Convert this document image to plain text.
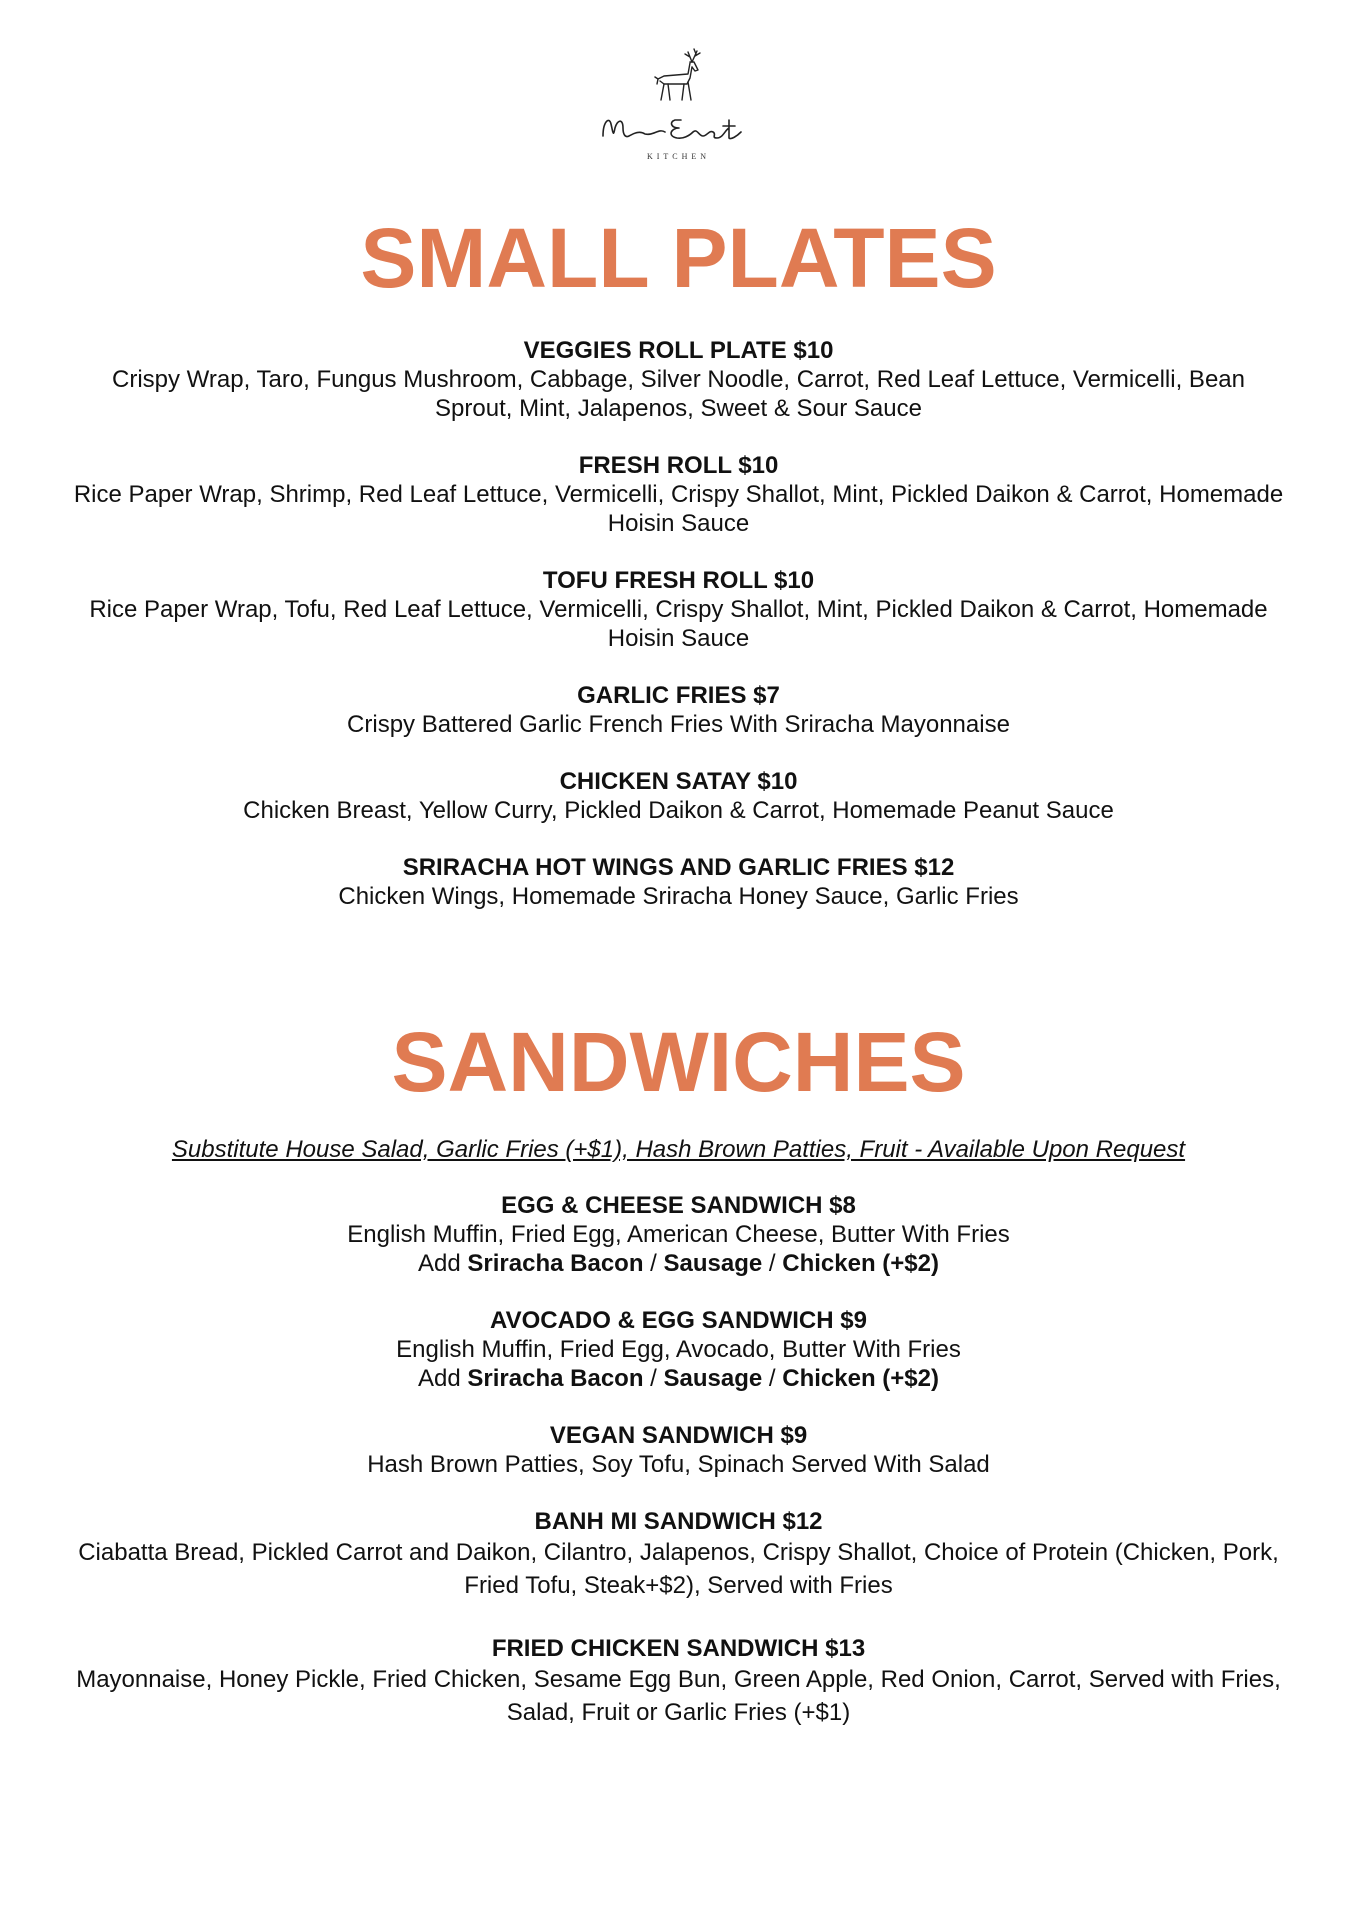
KITCHEN
SMALL PLATES
VEGGIES ROLL PLATE $10
Crispy Wrap, Taro, Fungus Mushroom, Cabbage, Silver Noodle, Carrot, Red Leaf Lettuce, Vermicelli, Bean Sprout, Mint, Jalapenos, Sweet & Sour Sauce
FRESH ROLL $10
Rice Paper Wrap, Shrimp, Red Leaf Lettuce, Vermicelli, Crispy Shallot, Mint, Pickled Daikon & Carrot, Homemade Hoisin Sauce
TOFU FRESH ROLL $10
Rice Paper Wrap, Tofu, Red Leaf Lettuce, Vermicelli, Crispy Shallot, Mint, Pickled Daikon & Carrot, Homemade Hoisin Sauce
GARLIC FRIES $7
Crispy Battered Garlic French Fries With Sriracha Mayonnaise
CHICKEN SATAY $10
Chicken Breast, Yellow Curry, Pickled Daikon & Carrot, Homemade Peanut Sauce
SRIRACHA HOT WINGS AND GARLIC FRIES $12
Chicken Wings, Homemade Sriracha Honey Sauce, Garlic Fries
SANDWICHES
Substitute House Salad, Garlic Fries (+$1), Hash Brown Patties, Fruit - Available Upon Request
EGG & CHEESE SANDWICH $8
English Muffin, Fried Egg, American Cheese, Butter With Fries
Add Sriracha Bacon / Sausage / Chicken (+$2)
AVOCADO & EGG SANDWICH $9
English Muffin, Fried Egg, Avocado, Butter With Fries
Add Sriracha Bacon / Sausage / Chicken (+$2)
VEGAN SANDWICH $9
Hash Brown Patties, Soy Tofu, Spinach Served With Salad
BANH MI SANDWICH $12
Ciabatta Bread, Pickled Carrot and Daikon, Cilantro, Jalapenos, Crispy Shallot, Choice of Protein (Chicken, Pork, Fried Tofu, Steak+$2), Served with Fries
FRIED CHICKEN SANDWICH $13
Mayonnaise, Honey Pickle, Fried Chicken, Sesame Egg Bun, Green Apple, Red Onion, Carrot, Served with Fries, Salad, Fruit or Garlic Fries (+$1)
